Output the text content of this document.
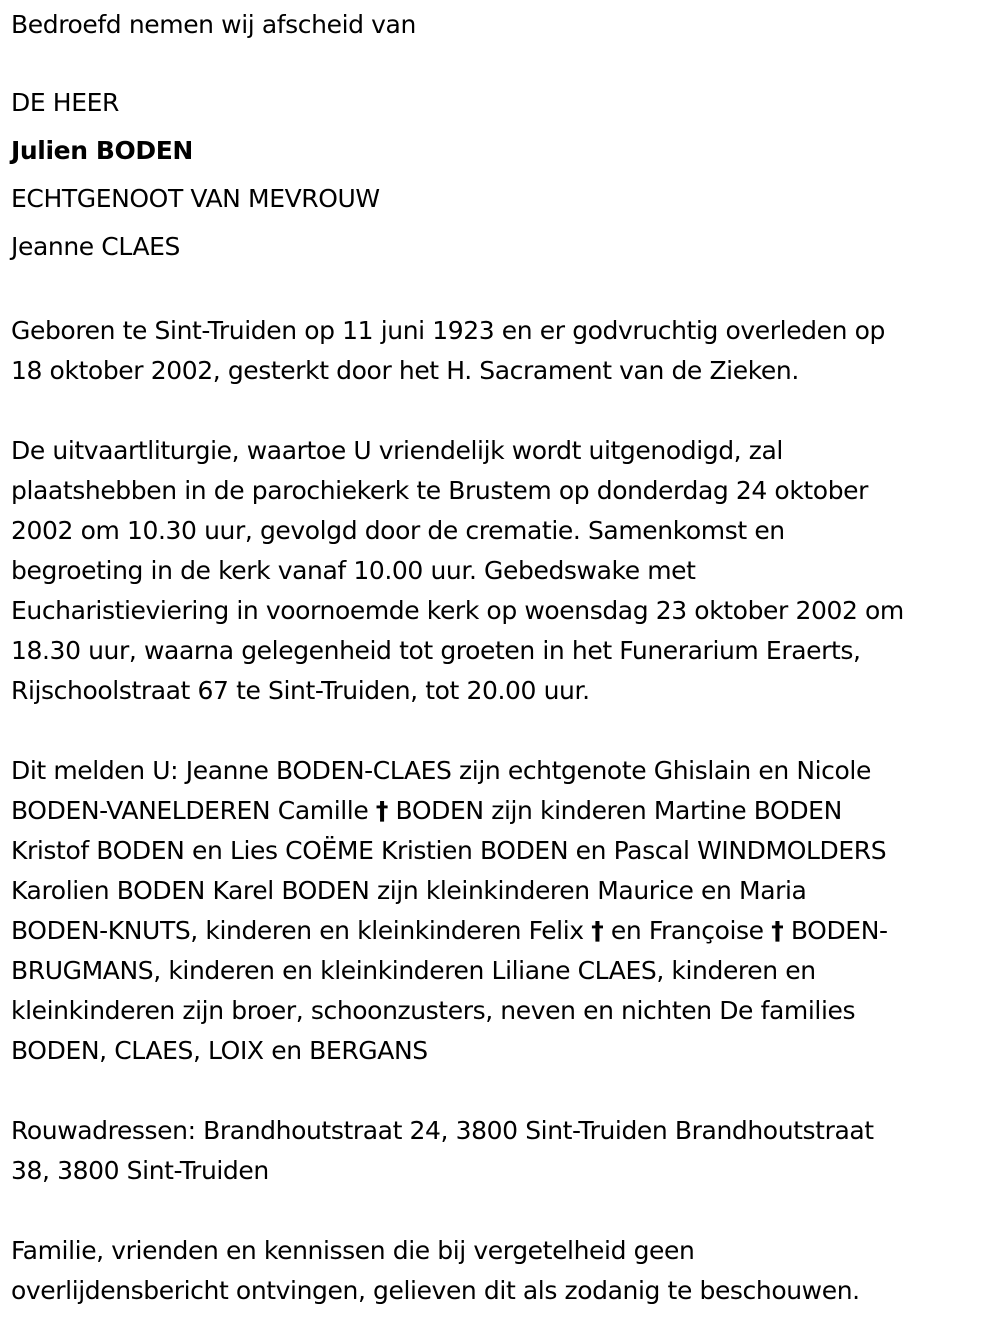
Bedroefd nemen wij afscheid van

DE HEER

Julien BODEN

ECHTGENOOT VAN MEVROUW

Jeanne CLAES

Geboren te Sint-Truiden op 11 juni 1923 en er godvruchtig overleden op

18 oktober 2002, gesterkt door het H. Sacrament van de Zieken.

De uitvaartliturgie, waartoe U vriendelijk wordt uitgenodigd, zal

plaatshebben in de parochiekerk te Brustem op donderdag 24 oktober

2002 om 10.30 uur, gevolgd door de crematie. Samenkomst en

begroeting in de kerk vanaf 10.00 uur. Gebedswake met

Eucharistieviering in voornoemde kerk op woensdag 23 oktober 2002 om

18.30 uur, waarna gelegenheid tot groeten in het Funerarium Eraerts,

Rijschoolstraat 67 te Sint-Truiden, tot 20.00 uur.

Dit melden U: Jeanne BODEN-CLAES zijn echtgenote Ghislain en Nicole

BODEN-VANELDEREN Camille † BODEN zijn kinderen Martine BODEN

Kristof BODEN en Lies COËME Kristien BODEN en Pascal WINDMOLDERS

Karolien BODEN Karel BODEN zijn kleinkinderen Maurice en Maria

BODEN-KNUTS, kinderen en kleinkinderen Felix † en Françoise † BODEN-

BRUGMANS, kinderen en kleinkinderen Liliane CLAES, kinderen en

kleinkinderen zijn broer, schoonzusters, neven en nichten De families

BODEN, CLAES, LOIX en BERGANS

Rouwadressen: Brandhoutstraat 24, 3800 Sint-Truiden Brandhoutstraat

38, 3800 Sint-Truiden

Familie, vrienden en kennissen die bij vergetelheid geen

overlijdensbericht ontvingen, gelieven dit als zodanig te beschouwen.
